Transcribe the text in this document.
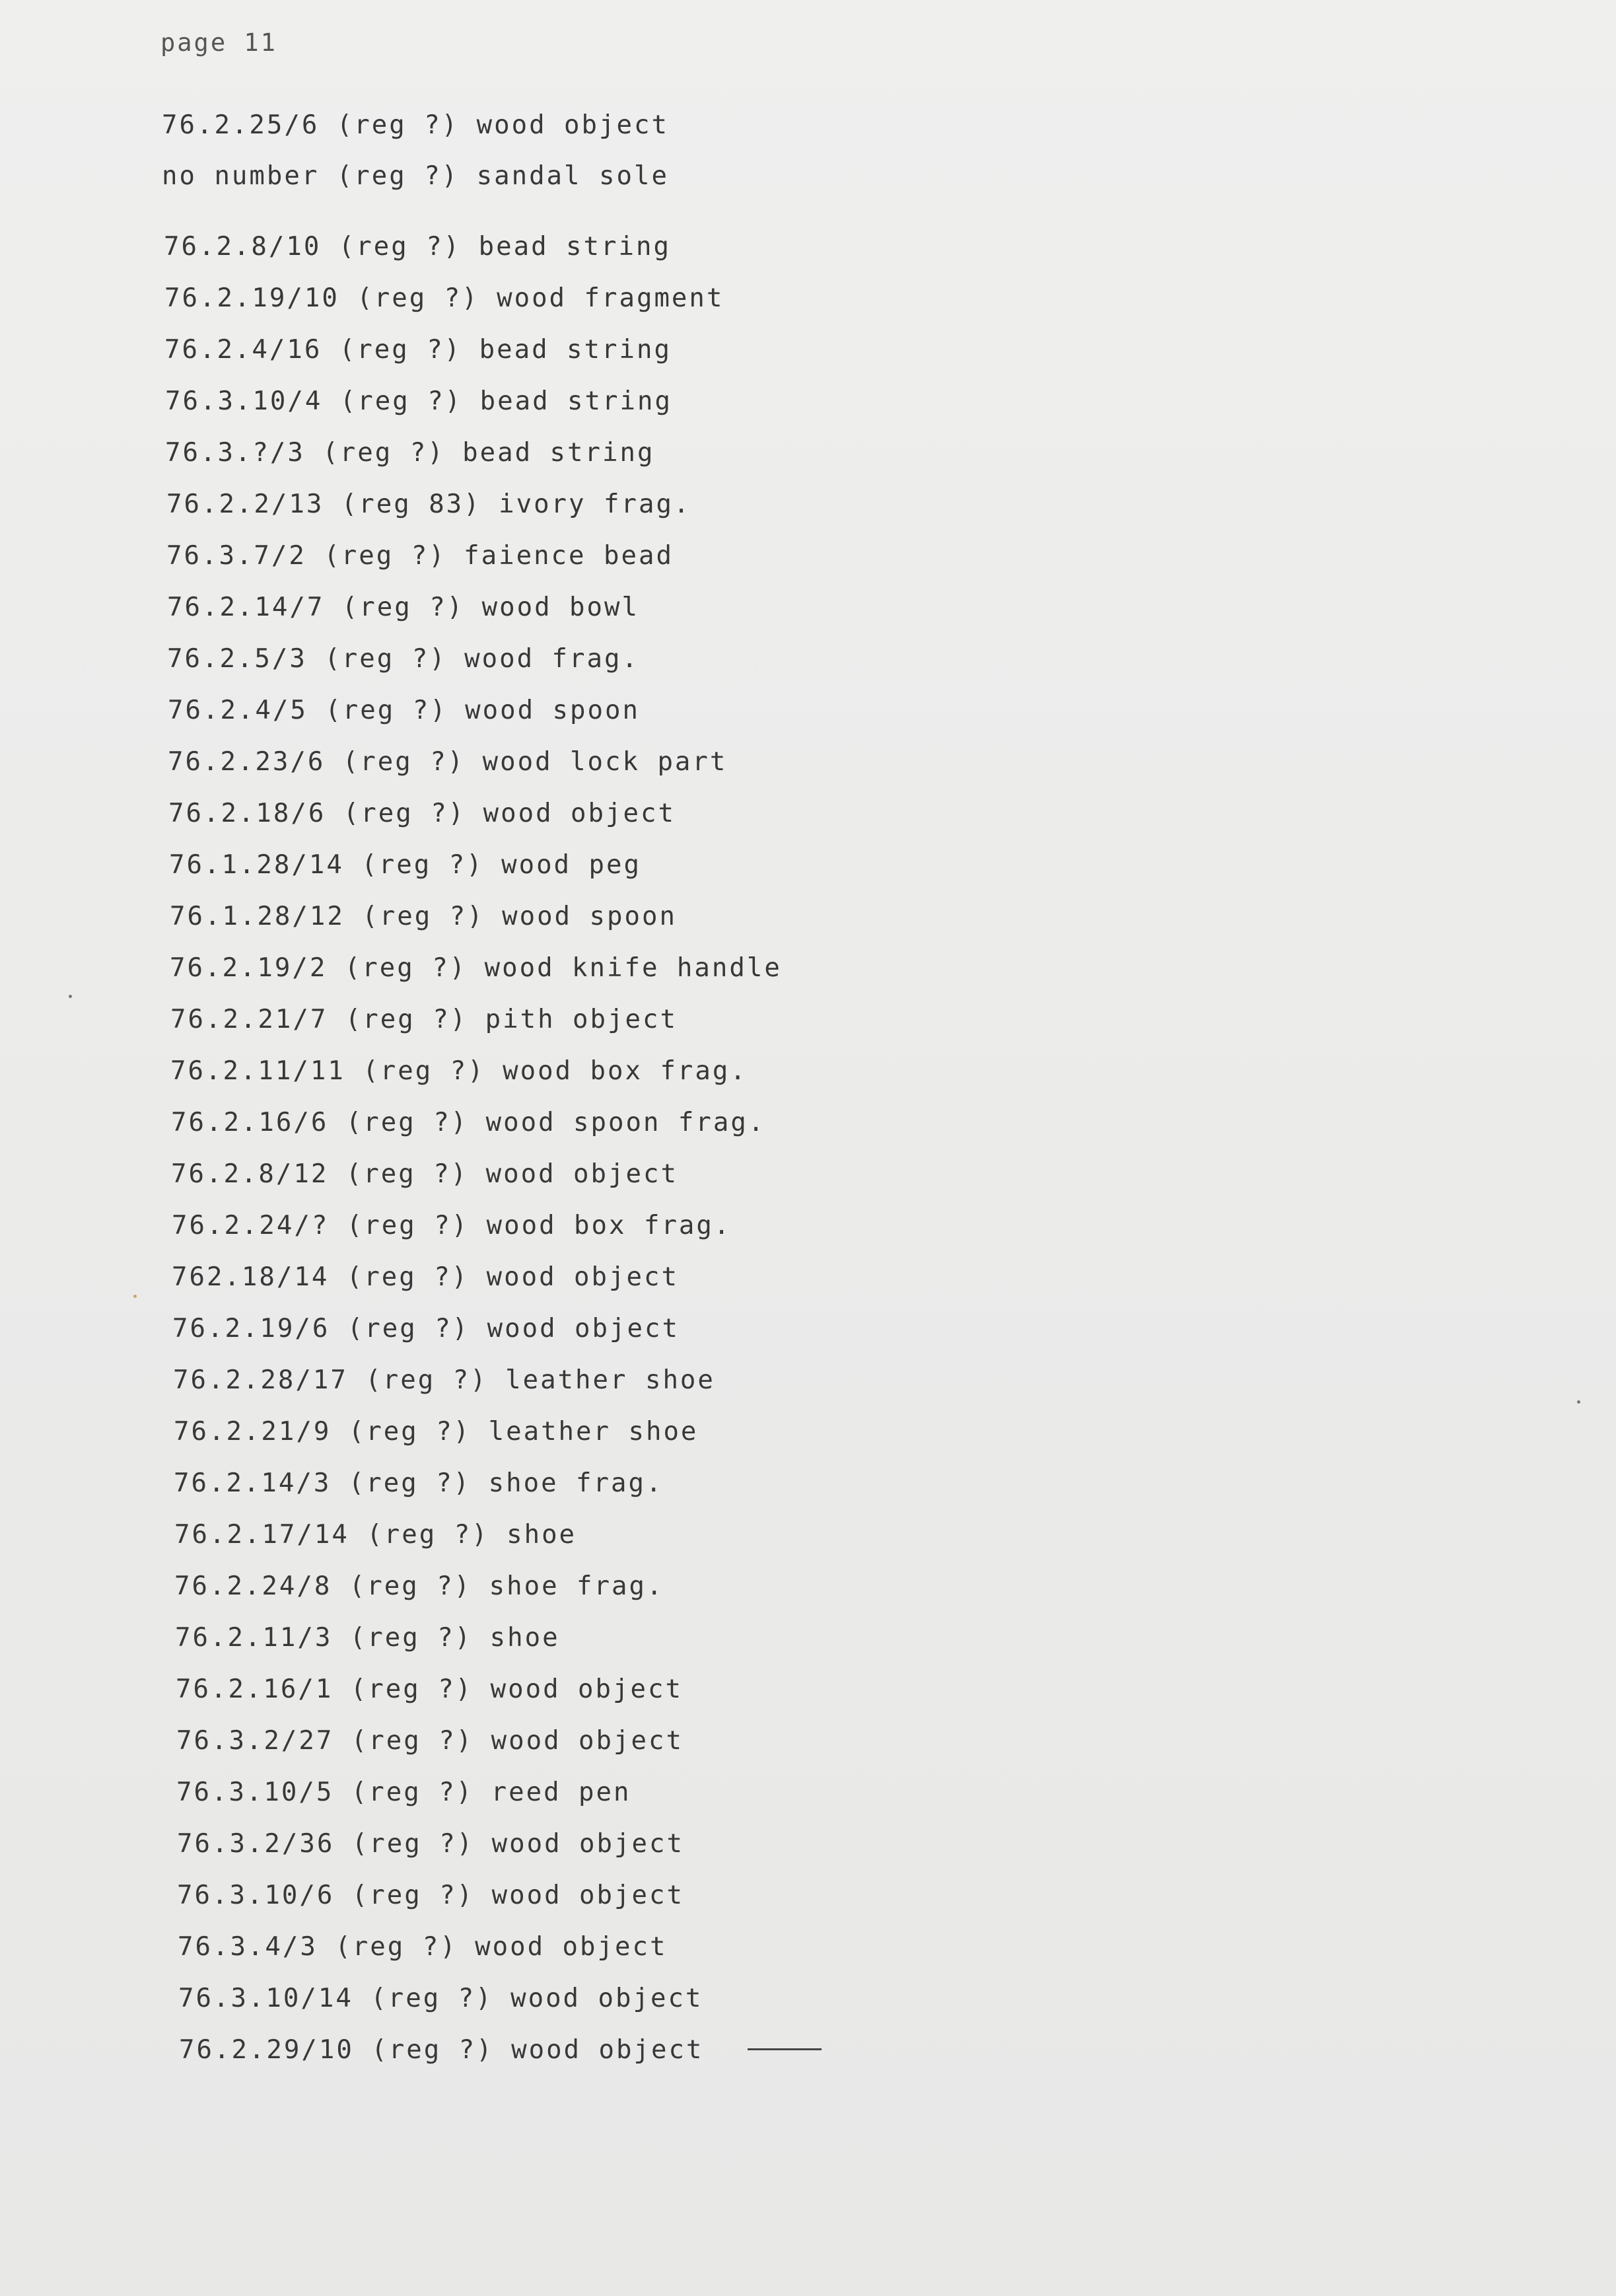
page 11
76.2.25/6 (reg ?) wood object
no number (reg ?) sandal sole
76.2.8/10 (reg ?) bead string
76.2.19/10 (reg ?) wood fragment
76.2.4/16 (reg ?) bead string
76.3.10/4 (reg ?) bead string
76.3.?/3 (reg ?) bead string
76.2.2/13 (reg 83) ivory frag.
76.3.7/2 (reg ?) faience bead
76.2.14/7 (reg ?) wood bowl
76.2.5/3 (reg ?) wood frag.
76.2.4/5 (reg ?) wood spoon
76.2.23/6 (reg ?) wood lock part
76.2.18/6 (reg ?) wood object
76.1.28/14 (reg ?) wood peg
76.1.28/12 (reg ?) wood spoon
76.2.19/2 (reg ?) wood knife handle
76.2.21/7 (reg ?) pith object
76.2.11/11 (reg ?) wood box frag.
76.2.16/6 (reg ?) wood spoon frag.
76.2.8/12 (reg ?) wood object
76.2.24/? (reg ?) wood box frag.
762.18/14 (reg ?) wood object
76.2.19/6 (reg ?) wood object
76.2.28/17 (reg ?) leather shoe
76.2.21/9 (reg ?) leather shoe
76.2.14/3 (reg ?) shoe frag.
76.2.17/14 (reg ?) shoe
76.2.24/8 (reg ?) shoe frag.
76.2.11/3 (reg ?) shoe
76.2.16/1 (reg ?) wood object
76.3.2/27 (reg ?) wood object
76.3.10/5 (reg ?) reed pen
76.3.2/36 (reg ?) wood object
76.3.10/6 (reg ?) wood object
76.3.4/3 (reg ?) wood object
76.3.10/14 (reg ?) wood object
76.2.29/10 (reg ?) wood object
